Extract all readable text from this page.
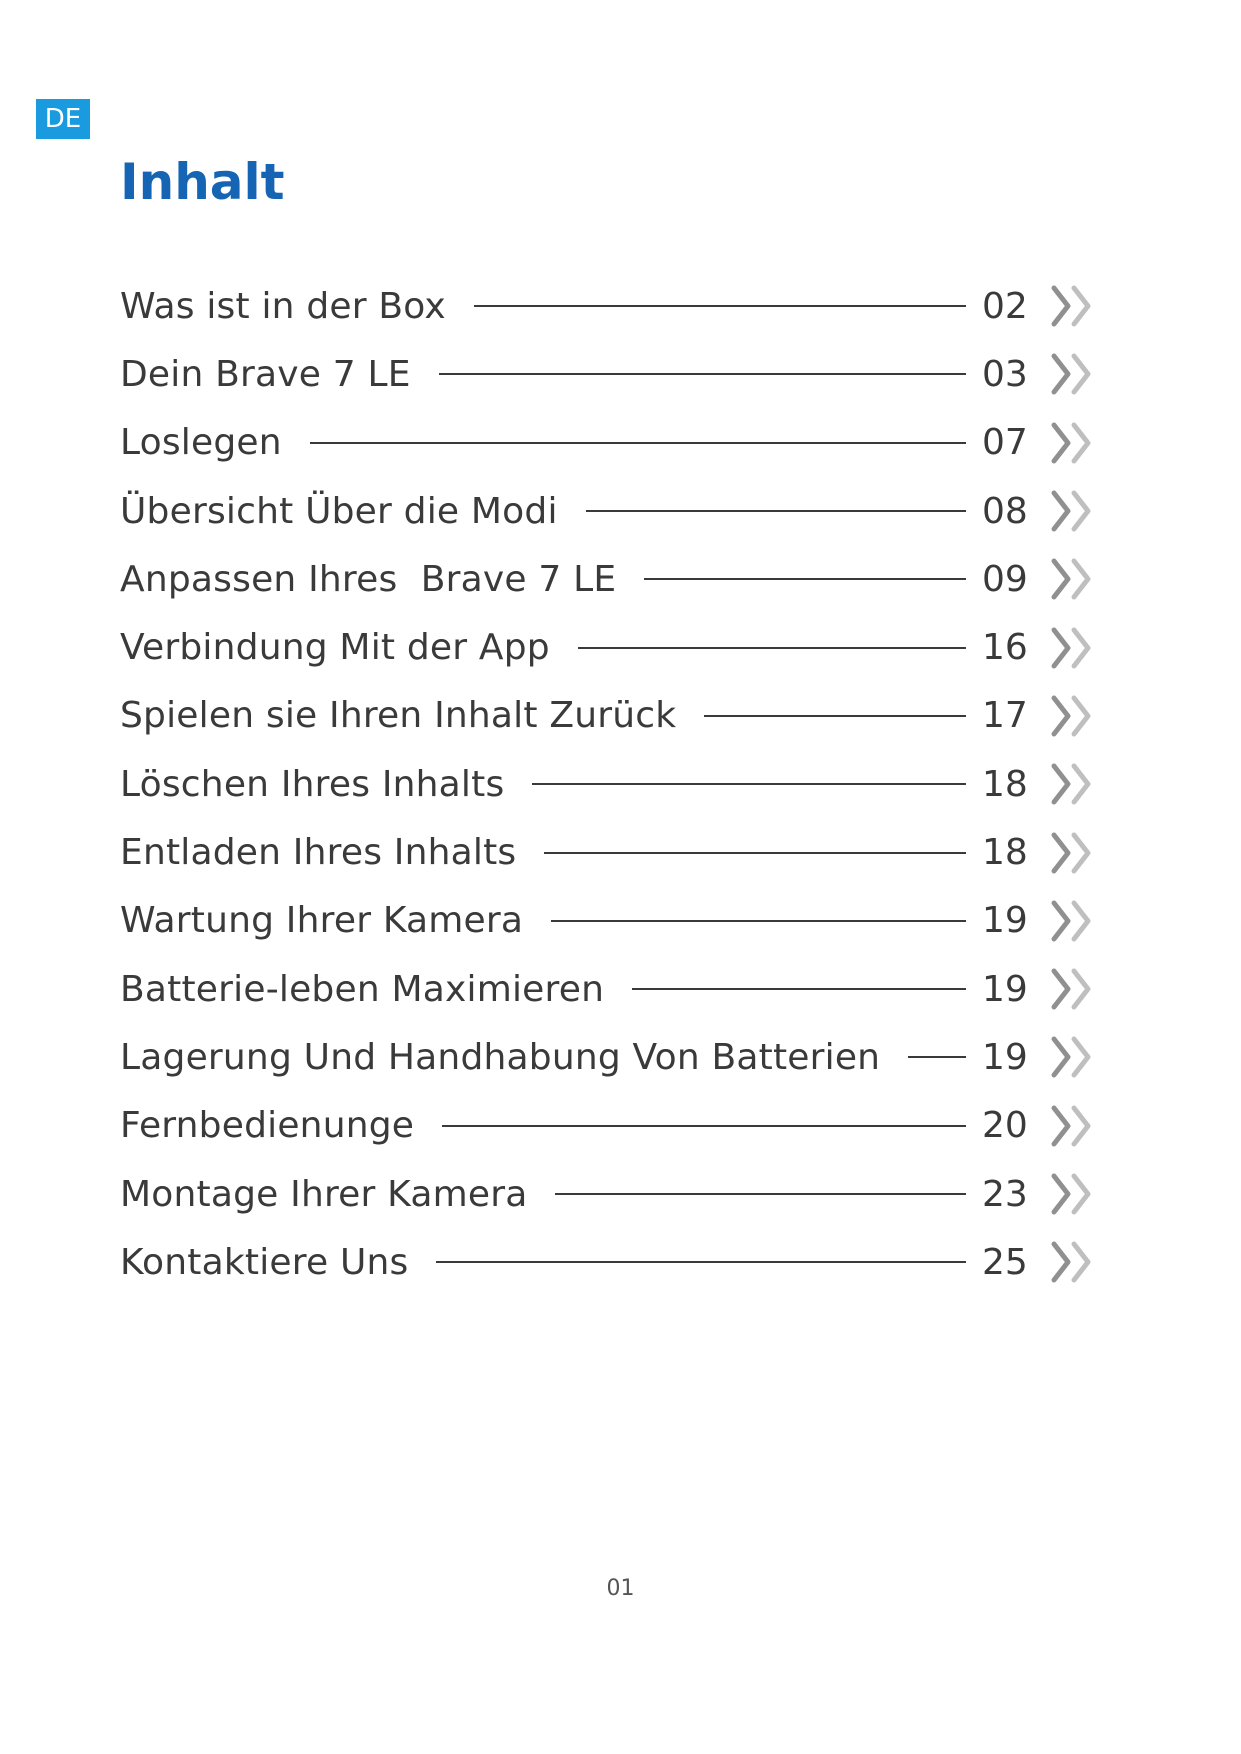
DE
Inhalt
Was ist in der Box	02
Dein Brave 7 LE	03
Loslegen	07
Übersicht Über die Modi	08
Anpassen Ihres  Brave 7 LE	09
Verbindung Mit der App	16
Spielen sie Ihren Inhalt Zurück	17
Löschen Ihres Inhalts	18
Entladen Ihres Inhalts	18
Wartung Ihrer Kamera	19
Batterie-leben Maximieren	19
Lagerung Und Handhabung Von Batterien	19
Fernbedienunge	20
Montage Ihrer Kamera	23
Kontaktiere Uns	25
01
